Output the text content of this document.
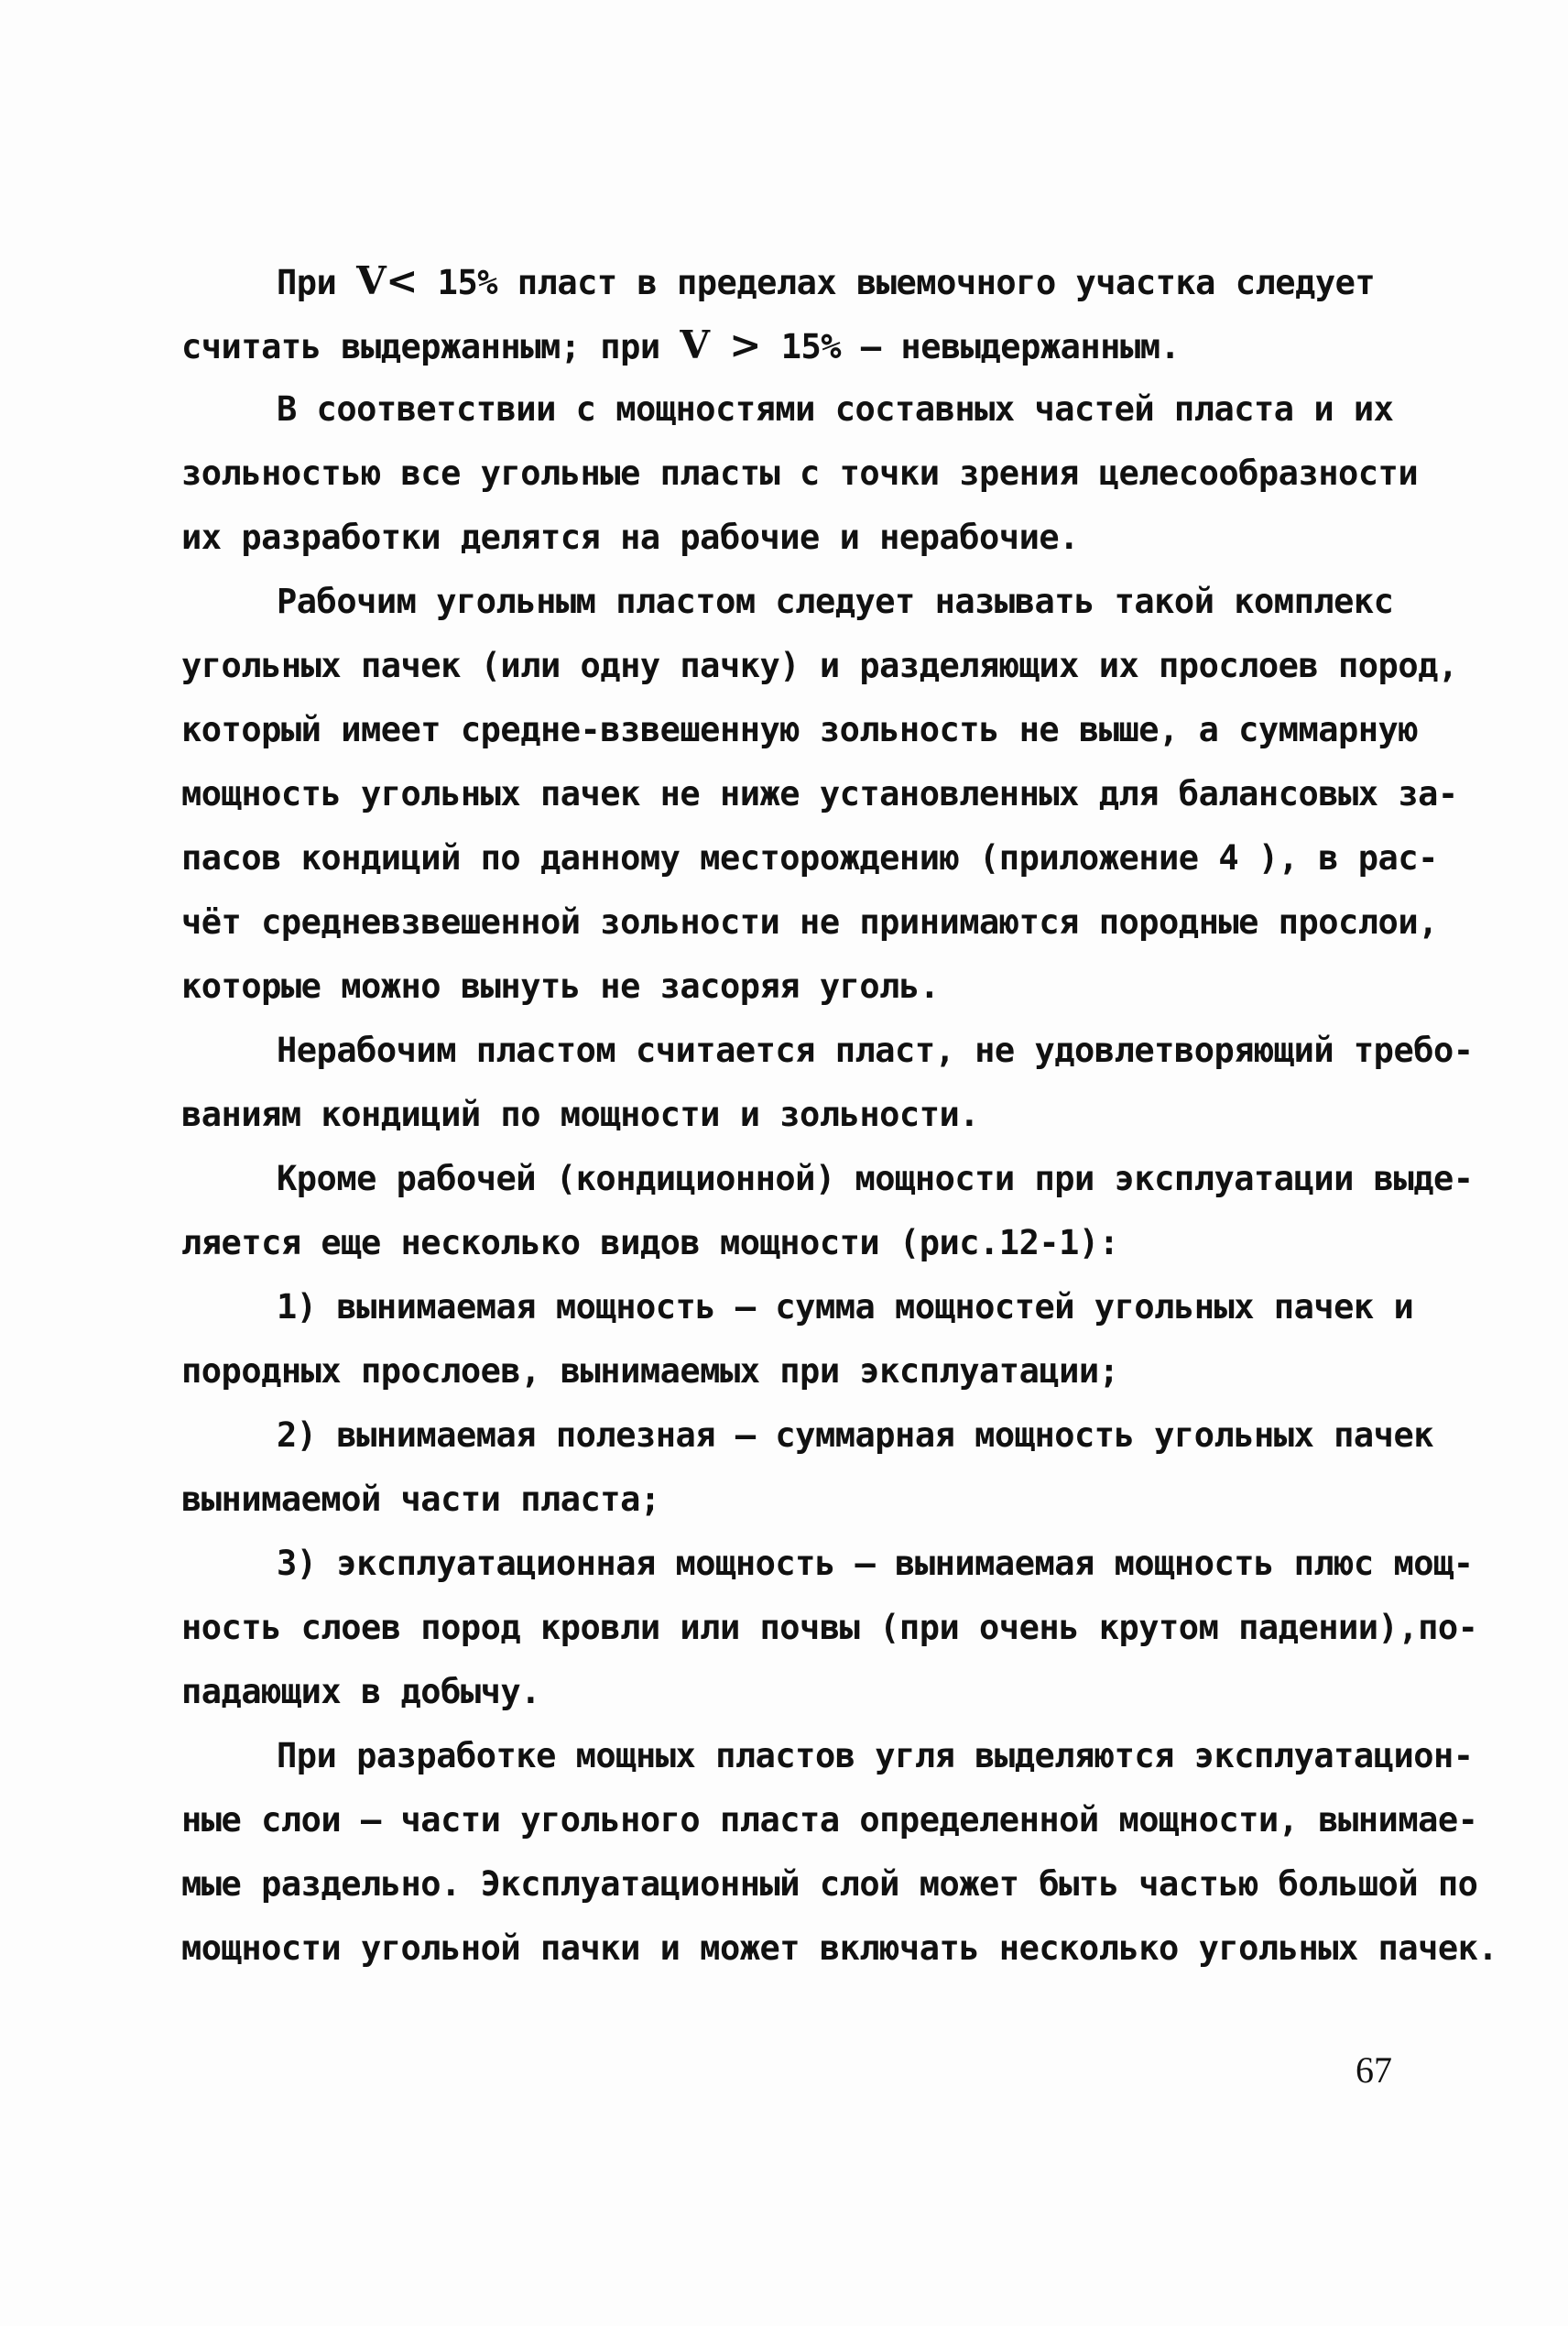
При V< 15% пласт в пределах выемочного участка следует
считать выдержанным; при V > 15% – невыдержанным.
В соответствии с мощностями составных частей пласта и их
зольностью все угольные пласты с точки зрения целесообразности
их разработки делятся на рабочие и нерабочие.
Рабочим угольным пластом следует называть такой комплекс
угольных пачек (или одну пачку) и разделяющих их прослоев пород,
который имеет средне-взвешенную зольность не выше, а суммарную
мощность угольных пачек не ниже установленных для балансовых за-
пасов кондиций по данному месторождению (приложение 4 ), в рас-
чёт средневзвешенной зольности не принимаются породные прослои,
которые можно вынуть не засоряя уголь.
Нерабочим пластом считается пласт, не удовлетворяющий требо-
ваниям кондиций по мощности и зольности.
Кроме рабочей (кондиционной) мощности при эксплуатации выде-
ляется еще несколько видов мощности (рис.12-1):
1) вынимаемая мощность – сумма мощностей угольных пачек и
породных прослоев, вынимаемых при эксплуатации;
2) вынимаемая полезная – суммарная мощность угольных пачек
вынимаемой части пласта;
3) эксплуатационная мощность – вынимаемая мощность плюс мощ-
ность слоев пород кровли или почвы (при очень крутом падении),по-
падающих в добычу.
При разработке мощных пластов угля выделяются эксплуатацион-
ные слои – части угольного пласта определенной мощности, вынимае-
мые раздельно. Эксплуатационный слой может быть частью большой по
мощности угольной пачки и может включать несколько угольных пачек.
67
